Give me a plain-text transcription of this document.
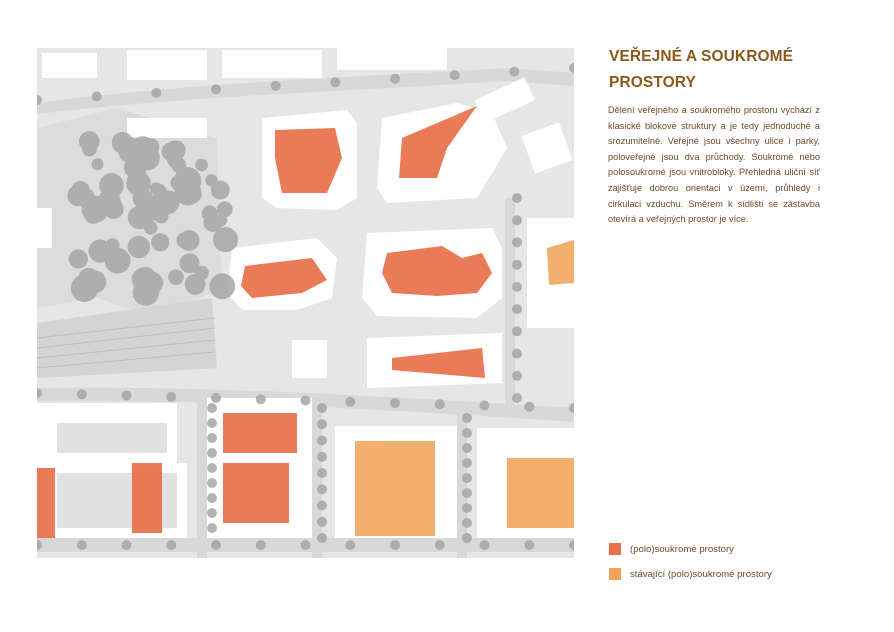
VEŘEJNÉ A SOUKROMÉ PROSTORY

Dělení veřejného a soukromého prostoru vychází z klasické blokové struktury a je tedy jednoduché a srozumitelné. Veřejné jsou všechny ulice i parky, poloveřejné jsou dva průchody. Soukromé nebo polosoukromé jsou vnitrobloky. Přehledná uliční síť zajišťuje dobrou orientaci v území, průhledy i cirkulaci vzduchu. Směrem k sídlišti se zástavba otevírá a veřejných prostor je více.

(polo)soukromé prostory
stávající (polo)soukromé prostory
